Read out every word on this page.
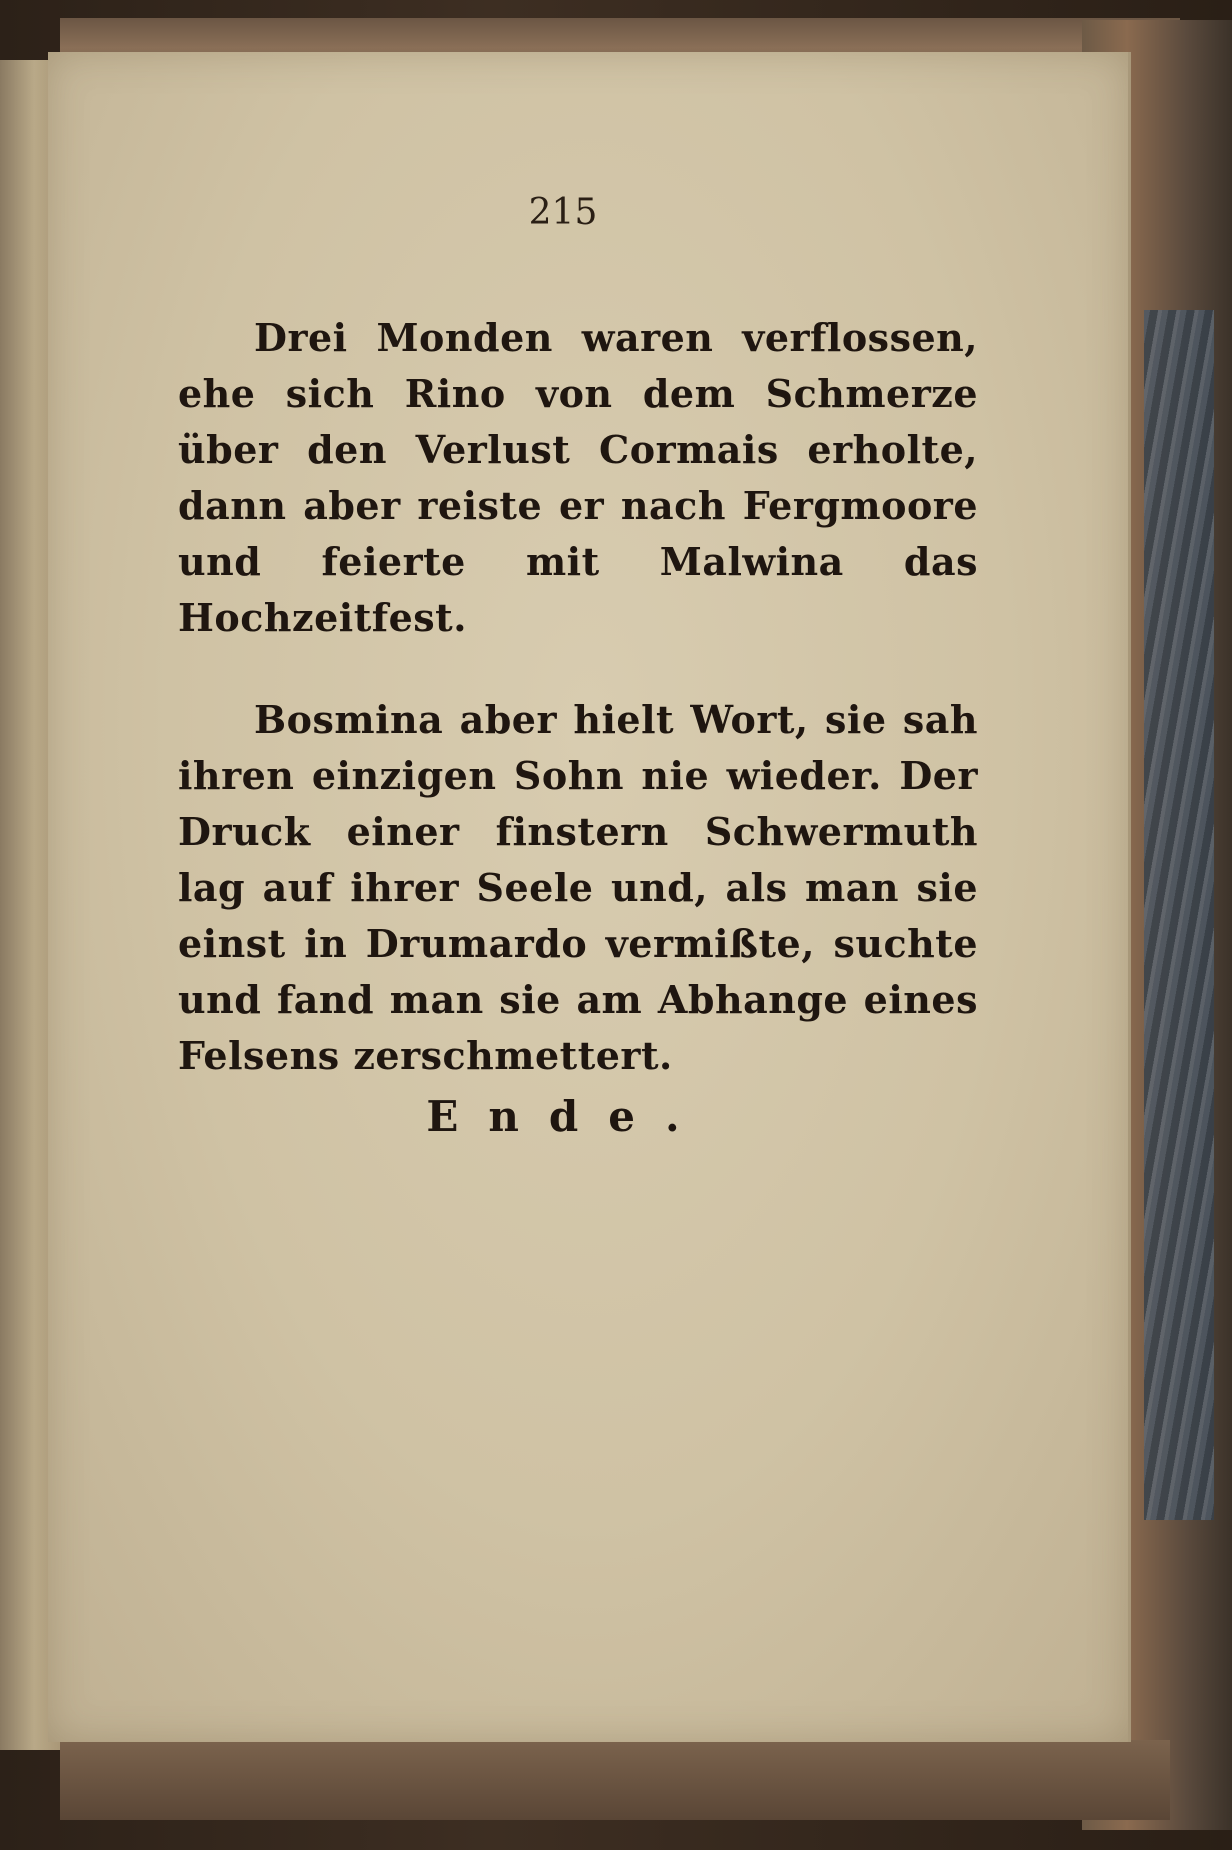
215

Drei Monden waren verflossen, ehe sich Rino von dem Schmerze über den Verlust Cormais erholte, dann aber reiste er nach Fergmoore und feierte mit Malwina das Hochzeitfest.

Bosmina aber hielt Wort, sie sah ihren einzigen Sohn nie wieder. Der Druck einer finstern Schwermuth lag auf ihrer Seele und, als man sie einst in Drumardo vermißte, suchte und fand man sie am Abhange eines Felsens zerschmettert.

Ende.
